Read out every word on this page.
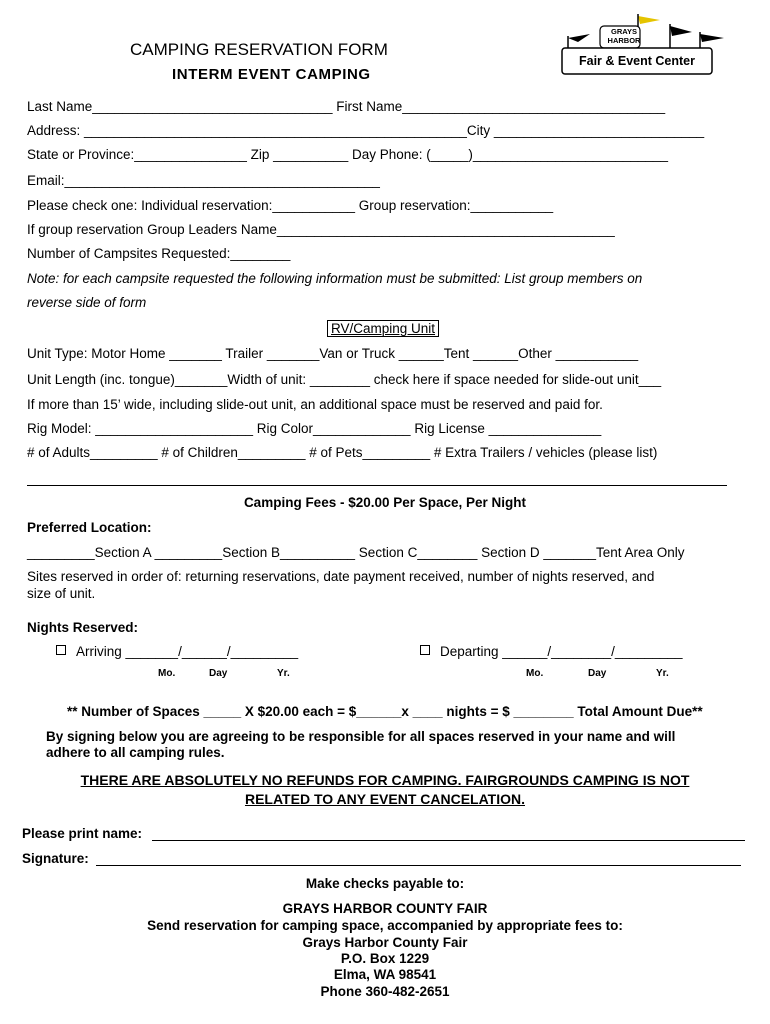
CAMPING RESERVATION FORM
INTERM EVENT CAMPING
GRAYS
HARBOR
Fair & Event Center
Last Name________________________________ First Name___________________________________
Address: ___________________________________________________City ____________________________
State or Province:_______________ Zip __________ Day Phone: (_____)__________________________
Email:__________________________________________
Please check one: Individual reservation:___________ Group reservation:___________
If group reservation Group Leaders Name_____________________________________________
Number of Campsites Requested:________
Note: for each campsite requested the following information must be submitted: List group members on
reverse side of form
RV/Camping Unit
Unit Type: Motor Home _______ Trailer _______Van or Truck ______Tent ______Other ___________
Unit Length (inc. tongue)_______Width of unit: ________ check here if space needed for slide-out unit___
If more than 15’ wide, including slide-out unit, an additional space must be reserved and paid for.
Rig Model: _____________________ Rig Color_____________ Rig License _______________
# of Adults_________ # of Children_________ # of Pets_________ # Extra Trailers / vehicles (please list)
Camping Fees - $20.00 Per Space, Per Night
Preferred Location:
_________Section A _________Section B__________ Section C________ Section D _______Tent Area Only
Sites reserved in order of: returning reservations, date payment received, number of nights reserved, and
size of unit.
Nights Reserved:
Arriving _______/______/_________	Departing ______/________/_________
Mo.	Day	Yr.	Mo.	Day	Yr.
** Number of Spaces _____ X $20.00 each = $______x ____ nights = $ ________ Total Amount Due**
By signing below you are agreeing to be responsible for all spaces reserved in your name and will
adhere to all camping rules.
THERE ARE ABSOLUTELY NO REFUNDS FOR CAMPING. FAIRGROUNDS CAMPING IS NOT
RELATED TO ANY EVENT CANCELATION.
Please print name:
Signature:
Make checks payable to:
GRAYS HARBOR COUNTY FAIR
Send reservation for camping space, accompanied by appropriate fees to:
Grays Harbor County Fair
P.O. Box 1229
Elma, WA 98541
Phone 360-482-2651
